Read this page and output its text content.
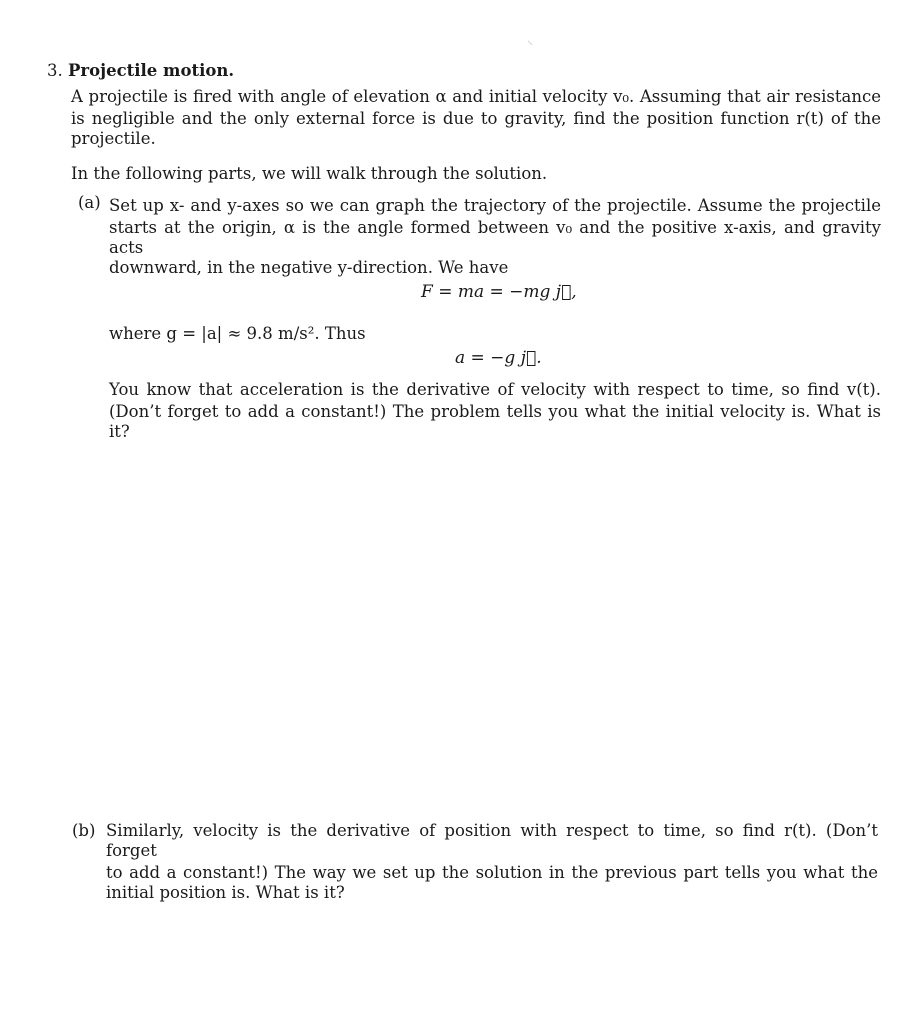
⸜
3. Projectile motion.
A projectile is fired with angle of elevation α and initial velocity v₀. Assuming that air resistance
is negligible and the only external force is due to gravity, find the position function r(t) of the
projectile.
In the following parts, we will walk through the solution.
(a) Set up x- and y-axes so we can graph the trajectory of the projectile. Assume the projectile
starts at the origin, α is the angle formed between v₀ and the positive x-axis, and gravity acts
downward, in the negative y-direction. We have
F = ma = −mg j⃗,
where g = |a| ≈ 9.8 m/s². Thus
a = −g j⃗.
You know that acceleration is the derivative of velocity with respect to time, so find v(t).
(Don’t forget to add a constant!) The problem tells you what the initial velocity is. What is
it?
(b) Similarly, velocity is the derivative of position with respect to time, so find r(t). (Don’t forget
to add a constant!) The way we set up the solution in the previous part tells you what the
initial position is. What is it?
